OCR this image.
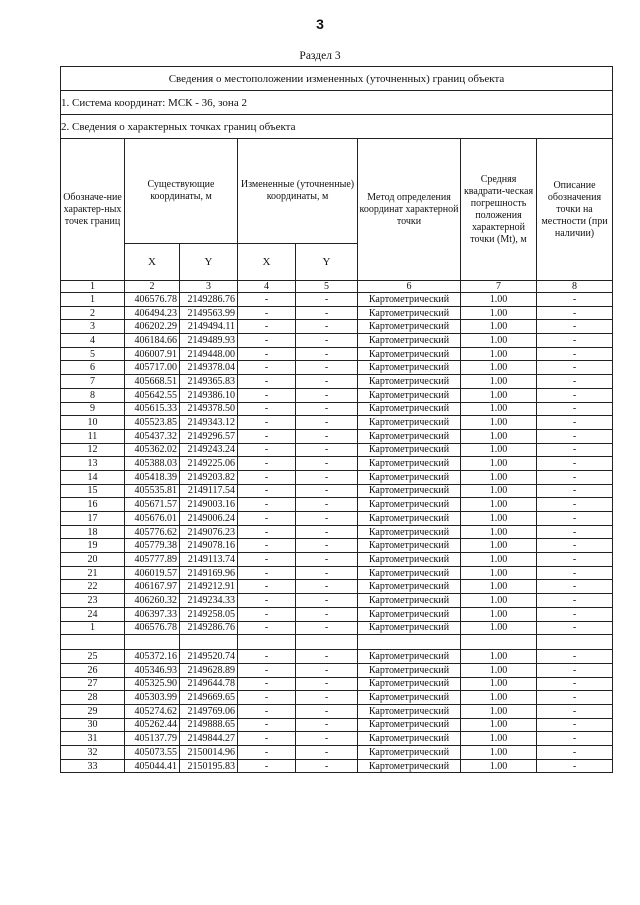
3
Раздел 3
Сведения о местоположении измененных (уточненных) границ объекта							
1. Система координат: МСК - 36, зона 2							
2. Сведения о характерных точках границ объекта							
Обозначе-ние характер-ных точек границ	Существующие координаты, м		Измененные (уточненные) координаты, м		Метод определения координат характерной точки	Средняя квадрати-ческая погрешность положения характерной точки (Mt), м	Описание обозначения точки на местности (при наличии)
	X	Y	X	Y			
1	2	3	4	5	6	7	8
1	406576.78	2149286.76	-	-	Картометрический	1.00	-
2	406494.23	2149563.99	-	-	Картометрический	1.00	-
3	406202.29	2149494.11	-	-	Картометрический	1.00	-
4	406184.66	2149489.93	-	-	Картометрический	1.00	-
5	406007.91	2149448.00	-	-	Картометрический	1.00	-
6	405717.00	2149378.04	-	-	Картометрический	1.00	-
7	405668.51	2149365.83	-	-	Картометрический	1.00	-
8	405642.55	2149386.10	-	-	Картометрический	1.00	-
9	405615.33	2149378.50	-	-	Картометрический	1.00	-
10	405523.85	2149343.12	-	-	Картометрический	1.00	-
11	405437.32	2149296.57	-	-	Картометрический	1.00	-
12	405362.02	2149243.24	-	-	Картометрический	1.00	-
13	405388.03	2149225.06	-	-	Картометрический	1.00	-
14	405418.39	2149203.82	-	-	Картометрический	1.00	-
15	405535.81	2149117.54	-	-	Картометрический	1.00	-
16	405671.57	2149003.16	-	-	Картометрический	1.00	-
17	405676.01	2149006.24	-	-	Картометрический	1.00	-
18	405776.62	2149076.23	-	-	Картометрический	1.00	-
19	405779.38	2149078.16	-	-	Картометрический	1.00	-
20	405777.89	2149113.74	-	-	Картометрический	1.00	-
21	406019.57	2149169.96	-	-	Картометрический	1.00	-
22	406167.97	2149212.91	-	-	Картометрический	1.00	-
23	406260.32	2149234.33	-	-	Картометрический	1.00	-
24	406397.33	2149258.05	-	-	Картометрический	1.00	-
1	406576.78	2149286.76	-	-	Картометрический	1.00	-

25	405372.16	2149520.74	-	-	Картометрический	1.00	-
26	405346.93	2149628.89	-	-	Картометрический	1.00	-
27	405325.90	2149644.78	-	-	Картометрический	1.00	-
28	405303.99	2149669.65	-	-	Картометрический	1.00	-
29	405274.62	2149769.06	-	-	Картометрический	1.00	-
30	405262.44	2149888.65	-	-	Картометрический	1.00	-
31	405137.79	2149844.27	-	-	Картометрический	1.00	-
32	405073.55	2150014.96	-	-	Картометрический	1.00	-
33	405044.41	2150195.83	-	-	Картометрический	1.00	-
